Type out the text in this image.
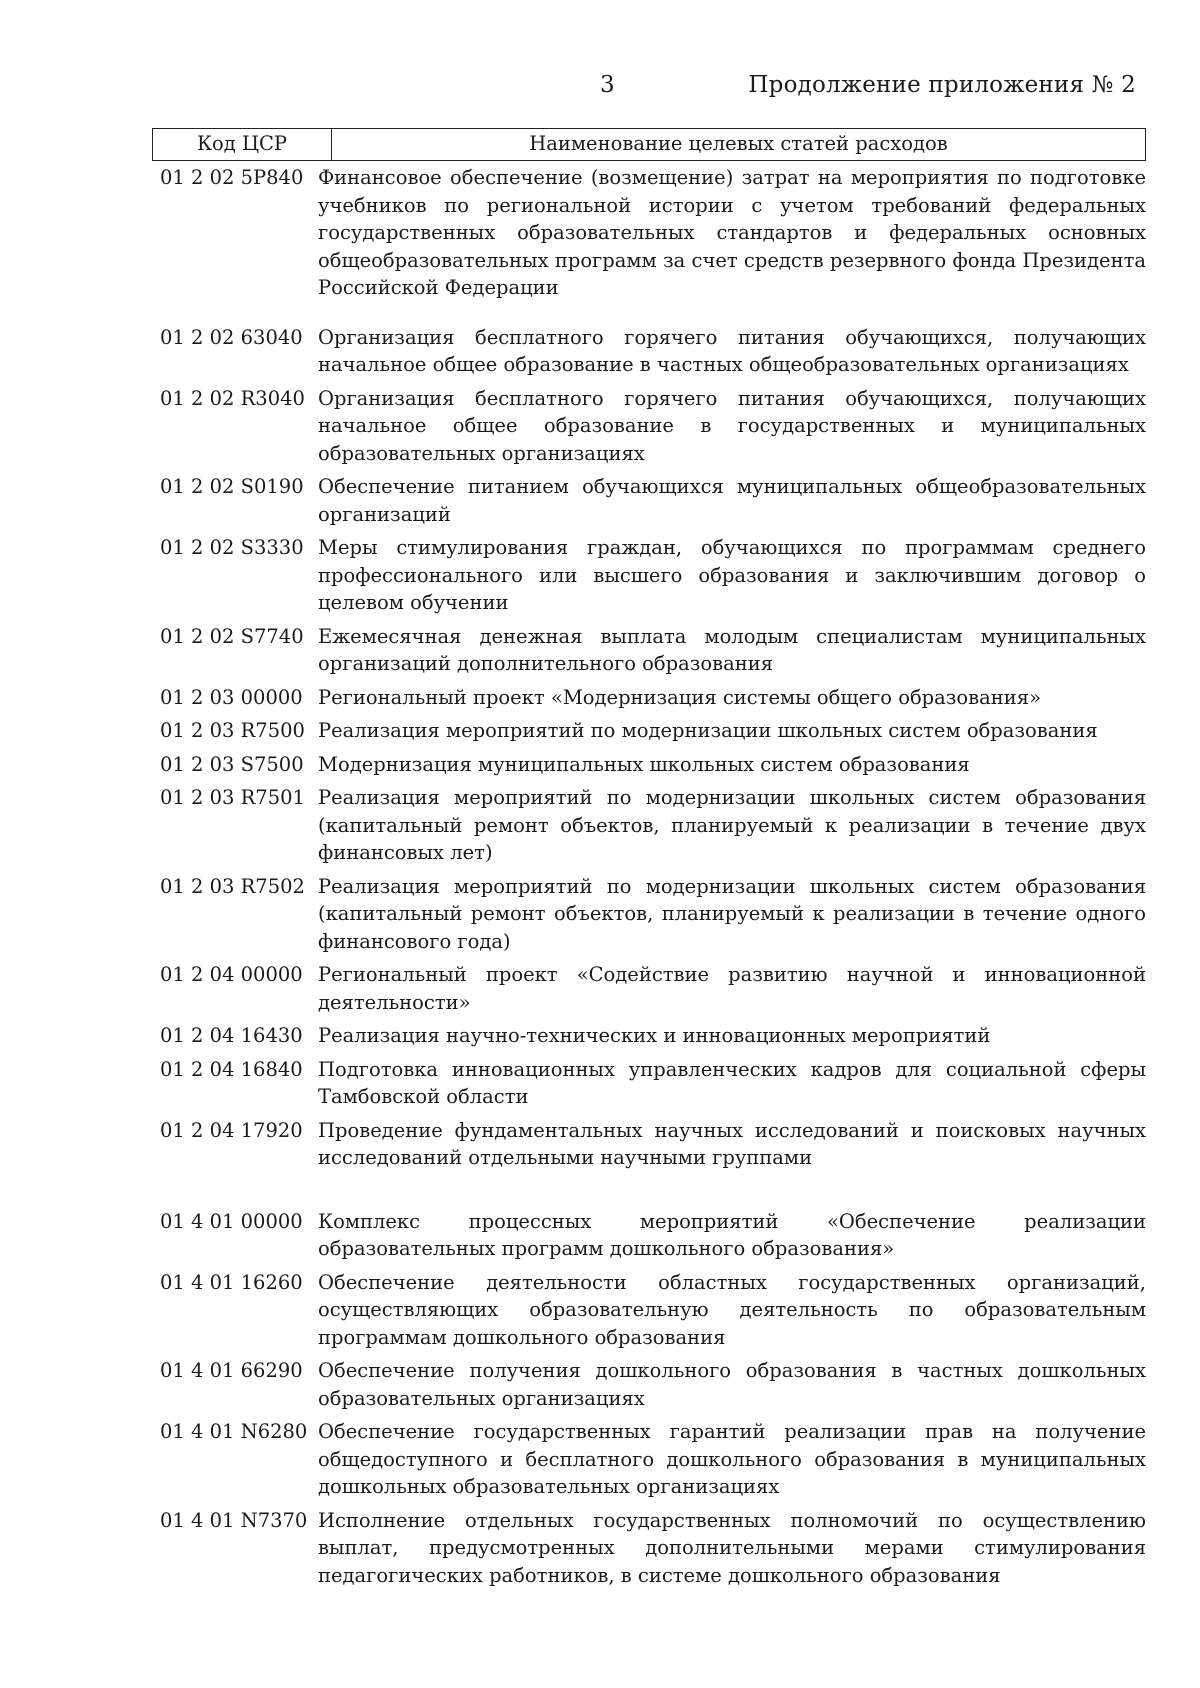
3	Продолжение приложения № 2
Код ЦСР	Наименование целевых статей расходов
01 2 02 5Р840 Финансовое обеспечение (возмещение) затрат на мероприятия по подготовке учебников по региональной истории с учетом требований федеральных государственных образовательных стандартов и федеральных основных общеобразовательных программ за счет средств резервного фонда Президента Российской Федерации
01 2 02 63040 Организация бесплатного горячего питания обучающихся, получающих начальное общее образование в частных общеобразовательных организациях
01 2 02 R3040 Организация бесплатного горячего питания обучающихся, получающих начальное общее образование в государственных и муниципальных образовательных организациях
01 2 02 S0190 Обеспечение питанием обучающихся муниципальных общеобразовательных организаций
01 2 02 S3330 Меры стимулирования граждан, обучающихся по программам среднего профессионального или высшего образования и заключившим договор о целевом обучении
01 2 02 S7740 Ежемесячная денежная выплата молодым специалистам муниципальных организаций дополнительного образования
01 2 03 00000 Региональный проект «Модернизация системы общего образования»
01 2 03 R7500 Реализация мероприятий по модернизации школьных систем образования
01 2 03 S7500 Модернизация муниципальных школьных систем образования
01 2 03 R7501 Реализация мероприятий по модернизации школьных систем образования (капитальный ремонт объектов, планируемый к реализации в течение двух финансовых лет)
01 2 03 R7502 Реализация мероприятий по модернизации школьных систем образования (капитальный ремонт объектов, планируемый к реализации в течение одного финансового года)
01 2 04 00000 Региональный проект «Содействие развитию научной и инновационной деятельности»
01 2 04 16430 Реализация научно-технических и инновационных мероприятий
01 2 04 16840 Подготовка инновационных управленческих кадров для социальной сферы Тамбовской области
01 2 04 17920 Проведение фундаментальных научных исследований и поисковых научных исследований отдельными научными группами
01 4 01 00000 Комплекс процессных мероприятий «Обеспечение реализации образовательных программ дошкольного образования»
01 4 01 16260 Обеспечение деятельности областных государственных организаций, осуществляющих образовательную деятельность по образовательным программам дошкольного образования
01 4 01 66290 Обеспечение получения дошкольного образования в частных дошкольных образовательных организациях
01 4 01 N6280 Обеспечение государственных гарантий реализации прав на получение общедоступного и бесплатного дошкольного образования в муниципальных дошкольных образовательных организациях
01 4 01 N7370 Исполнение отдельных государственных полномочий по осуществлению выплат, предусмотренных дополнительными мерами стимулирования педагогических работников, в системе дошкольного образования
